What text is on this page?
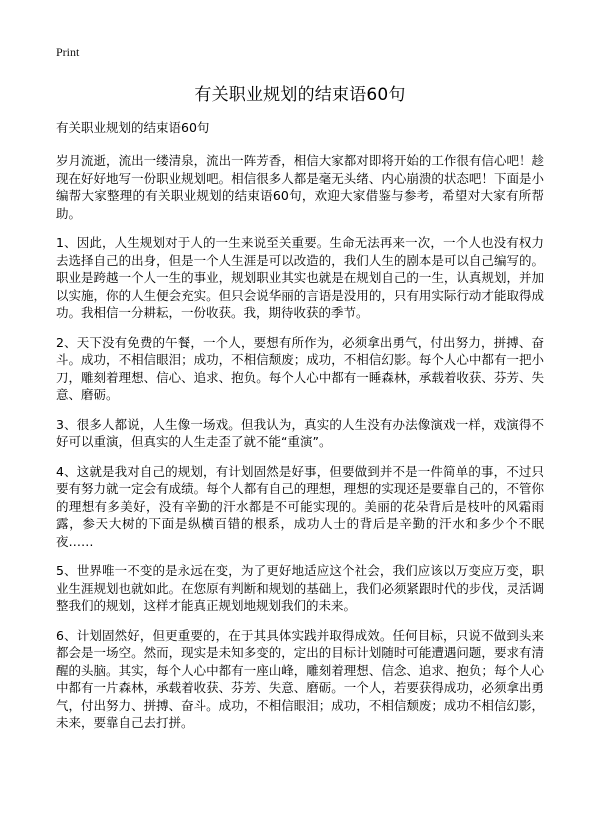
Print
有关职业规划的结束语60句
有关职业规划的结束语60句

岁月流逝，流出一缕清泉，流出一阵芳香，相信大家都对即将开始的工作很有信心吧！趁现在好好地写一份职业规划吧。相信很多人都是毫无头绪、内心崩溃的状态吧！下面是小编帮大家整理的有关职业规划的结束语60句，欢迎大家借鉴与参考，希望对大家有所帮助。

1、因此，人生规划对于人的一生来说至关重要。生命无法再来一次，一个人也没有权力去选择自己的出身，但是一个人生涯是可以改造的，我们人生的剧本是可以自己编写的。职业是跨越一个人一生的事业，规划职业其实也就是在规划自己的一生，认真规划，并加以实施，你的人生便会充实。但只会说华丽的言语是没用的，只有用实际行动才能取得成功。我相信一分耕耘，一份收获。我，期待收获的季节。

2、天下没有免费的午餐，一个人，要想有所作为，必须拿出勇气，付出努力，拼搏、奋斗。成功，不相信眼泪；成功，不相信颓废；成功，不相信幻影。每个人心中都有一把小刀，雕刻着理想、信心、追求、抱负。每个人心中都有一睡森林，承载着收获、芬芳、失意、磨砺。

3、很多人都说，人生像一场戏。但我认为，真实的人生没有办法像演戏一样，戏演得不好可以重演，但真实的人生走歪了就不能“重演”。

4、这就是我对自己的规划，有计划固然是好事，但要做到并不是一件简单的事，不过只要有努力就一定会有成绩。每个人都有自己的理想，理想的实现还是要靠自己的，不管你的理想有多美好，没有辛勤的汗水都是不可能实现的。美丽的花朵背后是枝叶的风霜雨露，参天大树的下面是纵横百错的根系，成功人士的背后是辛勤的汗水和多少个不眠夜……

5、世界唯一不变的是永远在变，为了更好地适应这个社会，我们应该以万变应万变，职业生涯规划也就如此。在您原有判断和规划的基础上，我们必须紧跟时代的步伐，灵活调整我们的规划，这样才能真正规划地规划我们的未来。

6、计划固然好，但更重要的，在于其具体实践并取得成效。任何目标，只说不做到头来都会是一场空。然而，现实是未知多变的，定出的目标计划随时可能遭遇问题，要求有清醒的头脑。其实，每个人心中都有一座山峰，雕刻着理想、信念、追求、抱负；每个人心中都有一片森林，承载着收获、芬芳、失意、磨砺。一个人，若要获得成功，必须拿出勇气，付出努力、拼搏、奋斗。成功，不相信眼泪；成功，不相信颓废；成功不相信幻影，未来，要靠自己去打拼。
